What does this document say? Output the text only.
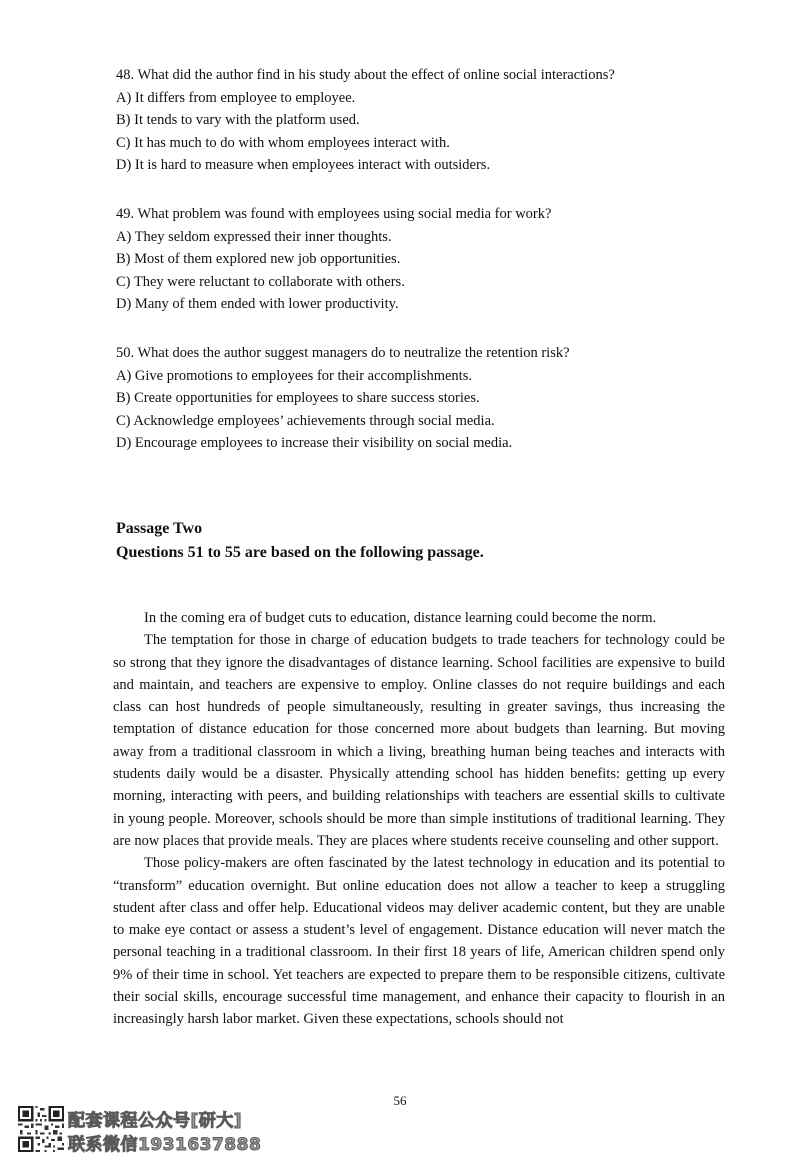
48. What did the author find in his study about the effect of online social interactions?

A) It differs from employee to employee.

B) It tends to vary with the platform used.

C) It has much to do with whom employees interact with.

D) It is hard to measure when employees interact with outsiders.

49. What problem was found with employees using social media for work?

A) They seldom expressed their inner thoughts.

B) Most of them explored new job opportunities.

C) They were reluctant to collaborate with others.

D) Many of them ended with lower productivity.

50. What does the author suggest managers do to neutralize the retention risk?

A) Give promotions to employees for their accomplishments.

B) Create opportunities for employees to share success stories.

C) Acknowledge employees’ achievements through social media.

D) Encourage employees to increase their visibility on social media.

Passage Two

Questions 51 to 55 are based on the following passage.

In the coming era of budget cuts to education, distance learning could become the norm.

The temptation for those in charge of education budgets to trade teachers for technology could be so strong that they ignore the disadvantages of distance learning. School facilities are expensive to build and maintain, and teachers are expensive to employ. Online classes do not require buildings and each class can host hundreds of people simultaneously, resulting in greater savings, thus increasing the temptation of distance education for those concerned more about budgets than learning. But moving away from a traditional classroom in which a living, breathing human being teaches and interacts with students daily would be a disaster. Physically attending school has hidden benefits: getting up every morning, interacting with peers, and building relationships with teachers are essential skills to cultivate in young people. Moreover, schools should be more than simple institutions of traditional learning. They are now places that provide meals. They are places where students receive counseling and other support.

Those policy-makers are often fascinated by the latest technology in education and its potential to “transform” education overnight. But online education does not allow a teacher to keep a struggling student after class and offer help. Educational videos may deliver academic content, but they are unable to make eye contact or assess a student’s level of engagement. Distance education will never match the personal teaching in a traditional classroom. In their first 18 years of life, American children spend only 9% of their time in school. Yet teachers are expected to prepare them to be responsible citizens, cultivate their social skills, encourage successful time management, and enhance their capacity to flourish in an increasingly harsh labor market. Given these expectations, schools should not

56
配套课程公众号[研大]
联系微信1931637888
